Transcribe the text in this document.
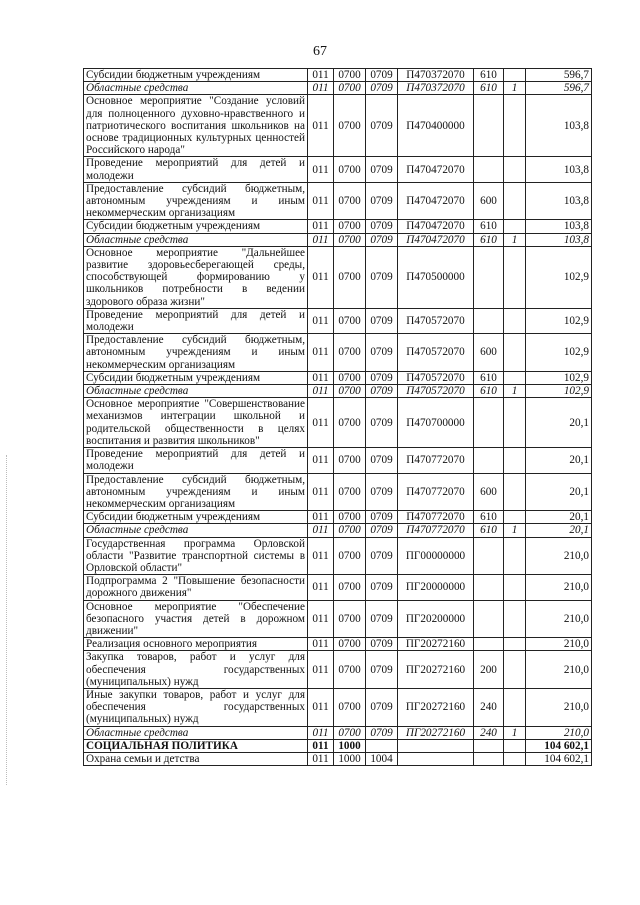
67
Субсидии бюджетным учреждениям	011	0700	0709	П470372070	610		596,7
Областные средства	011	0700	0709	П470372070	610	1	596,7
Основное мероприятие "Создание условий для полноценного духовно-нравственного и патриотического воспитания школьников на основе традиционных культурных ценностей Российского народа"	011	0700	0709	П470400000			103,8
Проведение мероприятий для детей и молодежи	011	0700	0709	П470472070			103,8
Предоставление субсидий бюджетным, автономным учреждениям и иным некоммерческим организациям	011	0700	0709	П470472070	600		103,8
Субсидии бюджетным учреждениям	011	0700	0709	П470472070	610		103,8
Областные средства	011	0700	0709	П470472070	610	1	103,8
Основное мероприятие "Дальнейшее развитие здоровьесберегающей среды, способствующей формированию у школьников потребности в ведении здорового образа жизни"	011	0700	0709	П470500000			102,9
Проведение мероприятий для детей и молодежи	011	0700	0709	П470572070			102,9
Предоставление субсидий бюджетным, автономным учреждениям и иным некоммерческим организациям	011	0700	0709	П470572070	600		102,9
Субсидии бюджетным учреждениям	011	0700	0709	П470572070	610		102,9
Областные средства	011	0700	0709	П470572070	610	1	102,9
Основное мероприятие "Совершенствование механизмов интеграции школьной и родительской общественности в целях воспитания и развития школьников"	011	0700	0709	П470700000			20,1
Проведение мероприятий для детей и молодежи	011	0700	0709	П470772070			20,1
Предоставление субсидий бюджетным, автономным учреждениям и иным некоммерческим организациям	011	0700	0709	П470772070	600		20,1
Субсидии бюджетным учреждениям	011	0700	0709	П470772070	610		20,1
Областные средства	011	0700	0709	П470772070	610	1	20,1
Государственная программа Орловской области "Развитие транспортной системы в Орловской области"	011	0700	0709	ПГ00000000			210,0
Подпрограмма 2 "Повышение безопасности дорожного движения"	011	0700	0709	ПГ20000000			210,0
Основное мероприятие "Обеспечение безопасного участия детей в дорожном движении"	011	0700	0709	ПГ20200000			210,0
Реализация основного мероприятия	011	0700	0709	ПГ20272160			210,0
Закупка товаров, работ и услуг для обеспечения государственных (муниципальных) нужд	011	0700	0709	ПГ20272160	200		210,0
Иные закупки товаров, работ и услуг для обеспечения государственных (муниципальных) нужд	011	0700	0709	ПГ20272160	240		210,0
Областные средства	011	0700	0709	ПГ20272160	240	1	210,0
СОЦИАЛЬНАЯ ПОЛИТИКА	011	1000					104 602,1
Охрана семьи и детства	011	1000	1004				104 602,1
